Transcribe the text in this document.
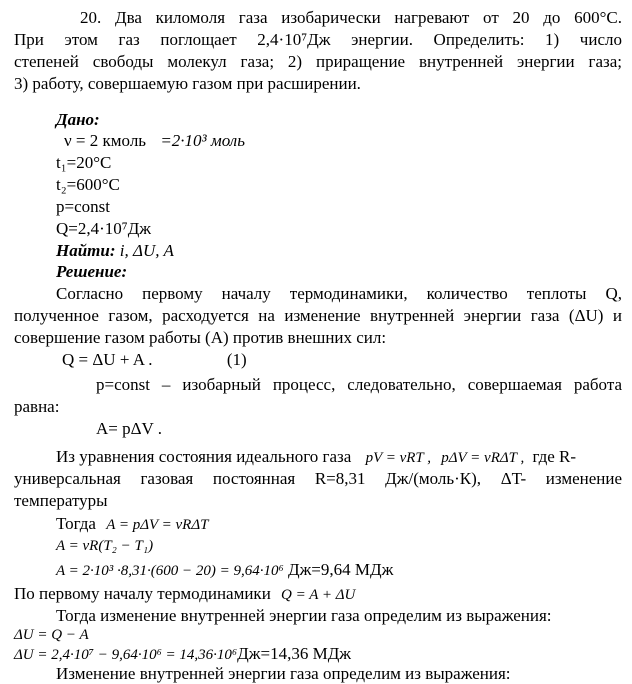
20. Два киломоля газа изобарически нагревают от 20 до 600°С.
При этом газ поглощает 2,4·10⁷Дж энергии. Определить: 1) число
степеней свободы молекул газа; 2) приращение внутренней энергии газа;
3) работу, совершаемую газом при расширении.
Дано:
ν = 2 кмоль =2·10³ моль
t₁=20°С
t₂=600°С
p=const
Q=2,4·10⁷Дж
Найти: i, ΔU, A
Решение:
Согласно первому началу термодинамики, количество теплоты Q,
полученное газом, расходуется на изменение внутренней энергии газа (ΔU) и
совершение газом работы (A) против внешних сил:
Q = ΔU + A .	(1)
p=const – изобарный процесс, следовательно, совершаемая работа
равна:
A= pΔV .
Из уравнения состояния идеального газа pV = νRT , pΔV = νRΔT , где R-
универсальная газовая постоянная R=8,31 Дж/(моль·К), ΔT- изменение
температуры
Тогда A = pΔV = νRΔT
A = νR(T₂ − T₁)
A = 2·10³ ·8,31·(600 − 20) = 9,64·10⁶ Дж=9,64 МДж
По первому началу термодинамики Q = A + ΔU
Тогда изменение внутренней энергии газа определим из выражения:
ΔU = Q − A
ΔU = 2,4·10⁷ − 9,64·10⁶ = 14,36·10⁶Дж=14,36 МДж
Изменение внутренней энергии газа определим из выражения:
